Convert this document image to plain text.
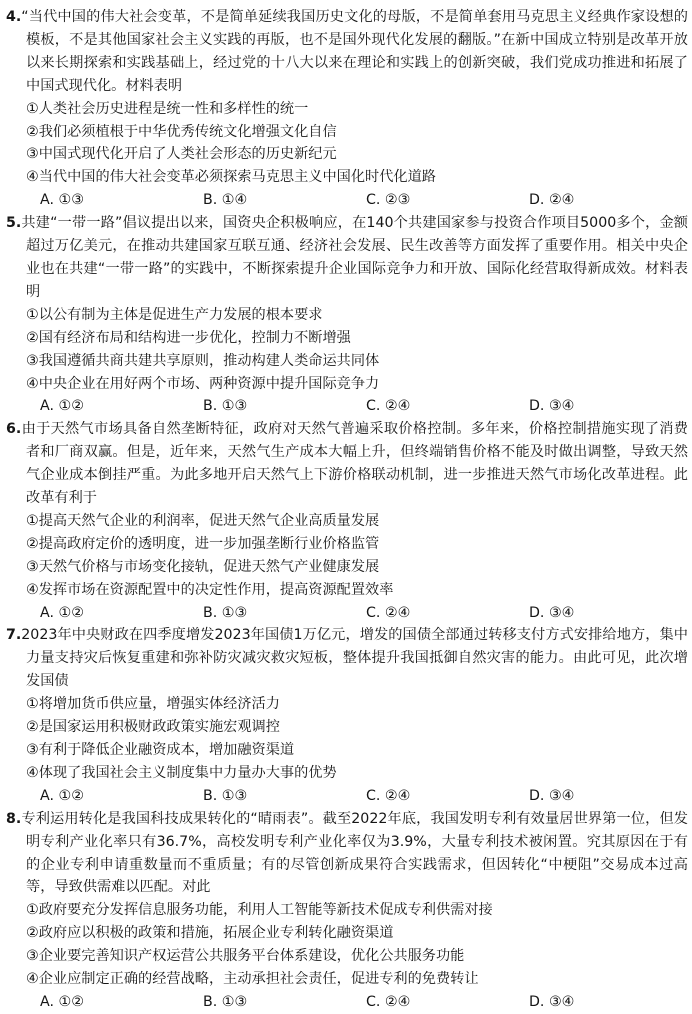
4.“当代中国的伟大社会变革，不是简单延续我国历史文化的母版，不是简单套用马克思主义经典作家设想的模板，不是其他国家社会主义实践的再版，也不是国外现代化发展的翻版。”在新中国成立特别是改革开放以来长期探索和实践基础上，经过党的十八大以来在理论和实践上的创新突破，我们党成功推进和拓展了中国式现代化。材料表明
①人类社会历史进程是统一性和多样性的统一
②我们必须植根于中华优秀传统文化增强文化自信
③中国式现代化开启了人类社会形态的历史新纪元
④当代中国的伟大社会变革必须探索马克思主义中国化时代化道路
A. ①③	B. ①④	C. ②③	D. ②④
5.共建“一带一路”倡议提出以来，国资央企积极响应，在140个共建国家参与投资合作项目5000多个，金额超过万亿美元，在推动共建国家互联互通、经济社会发展、民生改善等方面发挥了重要作用。相关中央企业也在共建“一带一路”的实践中，不断探索提升企业国际竞争力和开放、国际化经营取得新成效。材料表明
①以公有制为主体是促进生产力发展的根本要求
②国有经济布局和结构进一步优化，控制力不断增强
③我国遵循共商共建共享原则，推动构建人类命运共同体
④中央企业在用好两个市场、两种资源中提升国际竞争力
A. ①②	B. ①③	C. ②④	D. ③④
6.由于天然气市场具备自然垄断特征，政府对天然气普遍采取价格控制。多年来，价格控制措施实现了消费者和厂商双赢。但是，近年来，天然气生产成本大幅上升，但终端销售价格不能及时做出调整，导致天然气企业成本倒挂严重。为此多地开启天然气上下游价格联动机制，进一步推进天然气市场化改革进程。此改革有利于
①提高天然气企业的利润率，促进天然气企业高质量发展
②提高政府定价的透明度，进一步加强垄断行业价格监管
③天然气价格与市场变化接轨，促进天然气产业健康发展
④发挥市场在资源配置中的决定性作用，提高资源配置效率
A. ①②	B. ①③	C. ②④	D. ③④
7.2023年中央财政在四季度增发2023年国债1万亿元，增发的国债全部通过转移支付方式安排给地方，集中力量支持灾后恢复重建和弥补防灾减灾救灾短板，整体提升我国抵御自然灾害的能力。由此可见，此次增发国债
①将增加货币供应量，增强实体经济活力
②是国家运用积极财政政策实施宏观调控
③有利于降低企业融资成本，增加融资渠道
④体现了我国社会主义制度集中力量办大事的优势
A. ①②	B. ①③	C. ②④	D. ③④
8.专利运用转化是我国科技成果转化的“晴雨表”。截至2022年底，我国发明专利有效量居世界第一位，但发明专利产业化率只有36.7%，高校发明专利产业化率仅为3.9%，大量专利技术被闲置。究其原因在于有的企业专利申请重数量而不重质量；有的尽管创新成果符合实践需求，但因转化“中梗阻”交易成本过高等，导致供需难以匹配。对此
①政府要充分发挥信息服务功能，利用人工智能等新技术促成专利供需对接
②政府应以积极的政策和措施，拓展企业专利转化融资渠道
③企业要完善知识产权运营公共服务平台体系建设，优化公共服务功能
④企业应制定正确的经营战略，主动承担社会责任，促进专利的免费转让
A. ①②	B. ①③	C. ②④	D. ③④
